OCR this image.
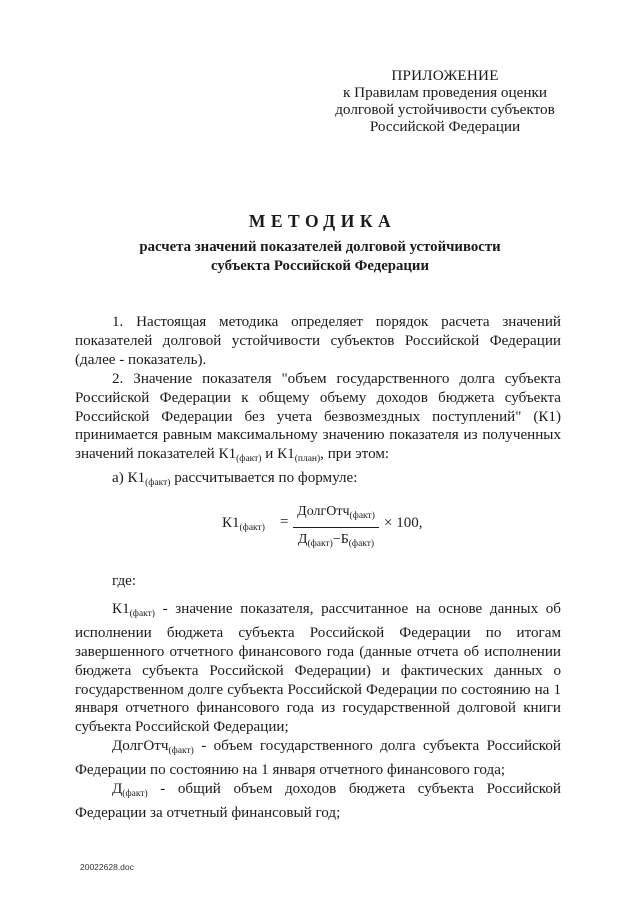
ПРИЛОЖЕНИЕ
к Правилам проведения оценки
долговой устойчивости субъектов
Российской Федерации
МЕТОДИКА
расчета значений показателей долговой устойчивости
субъекта Российской Федерации

1. Настоящая методика определяет порядок расчета значений показателей долговой устойчивости субъектов Российской Федерации (далее - показатель).

2. Значение показателя "объем государственного долга субъекта Российской Федерации к общему объему доходов бюджета субъекта Российской Федерации без учета безвозмездных поступлений" (К1) принимается равным максимальному значению показателя из полученных значений показателей $К1_{(факт)}$ и $К1_{(план)}$, при этом:

а) $К1_{(факт)}$ рассчитывается по формуле:

$К1_{(факт)}$ =
ДолгОтч$_{(факт)}$
$Д_{(факт)}-Б_{(факт)}$
× 100,

где:

$К1_{(факт)}$ - значение показателя, рассчитанное на основе данных об исполнении бюджета субъекта Российской Федерации по итогам завершенного отчетного финансового года (данные отчета об исполнении бюджета субъекта Российской Федерации) и фактических данных о государственном долге субъекта Российской Федерации по состоянию на 1 января отчетного финансового года из государственной долговой книги субъекта Российской Федерации;

ДолгОтч$_{(факт)}$ - объем государственного долга субъекта Российской Федерации по состоянию на 1 января отчетного финансового года;

$Д_{(факт)}$ - общий объем доходов бюджета субъекта Российской Федерации за отчетный финансовый год;

20022628.doc
